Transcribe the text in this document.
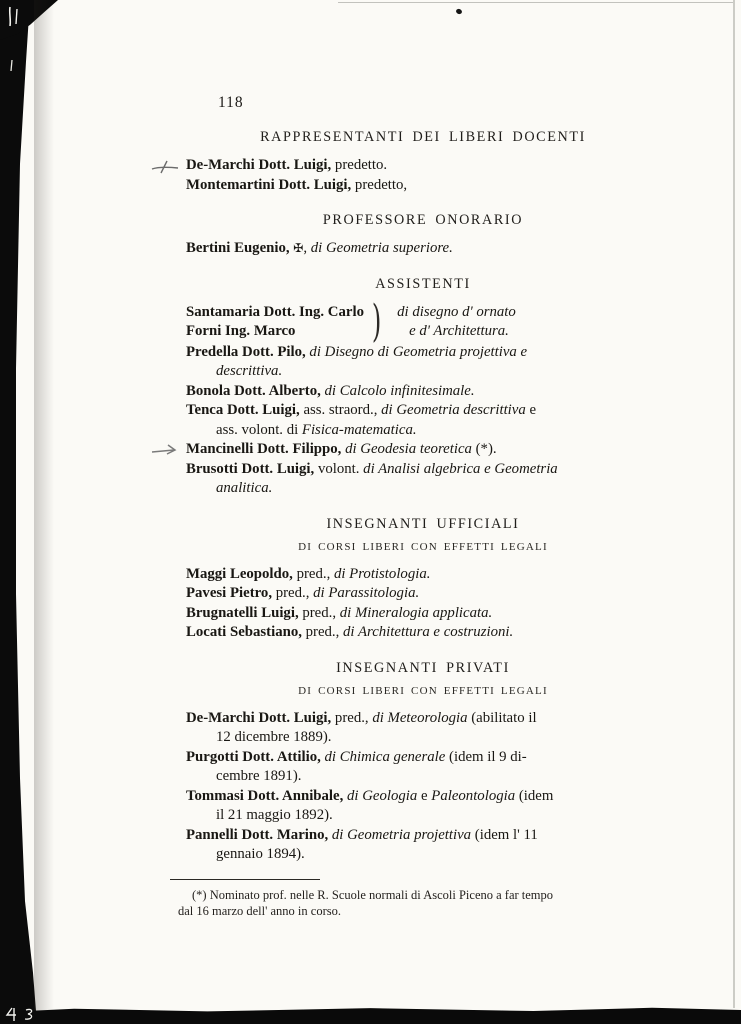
118
RAPPRESENTANTI DEI LIBERI DOCENTI
De-Marchi Dott. Luigi, predetto.
Montemartini Dott. Luigi, predetto,
PROFESSORE ONORARIO
Bertini Eugenio, ✠, di Geometria superiore.
ASSISTENTI
Santamaria Dott. Ing. Carlo
Forni Ing. Marco	) di disegno d' ornato
e d' Architettura.
Predella Dott. Pilo, di Disegno di Geometria projettiva e
descrittiva.
Bonola Dott. Alberto, di Calcolo infinitesimale.
Tenca Dott. Luigi, ass. straord., di Geometria descrittiva e
ass. volont. di Fisica-matematica.
Mancinelli Dott. Filippo, di Geodesia teoretica (*).
Brusotti Dott. Luigi, volont. di Analisi algebrica e Geometria
analitica.
INSEGNANTI UFFICIALI
DI CORSI LIBERI CON EFFETTI LEGALI
Maggi Leopoldo, pred., di Protistologia.
Pavesi Pietro, pred., di Parassitologia.
Brugnatelli Luigi, pred., di Mineralogia applicata.
Locati Sebastiano, pred., di Architettura e costruzioni.
INSEGNANTI PRIVATI
DI CORSI LIBERI CON EFFETTI LEGALI
De-Marchi Dott. Luigi, pred., di Meteorologia (abilitato il
12 dicembre 1889).
Purgotti Dott. Attilio, di Chimica generale (idem il 9 di-
cembre 1891).
Tommasi Dott. Annibale, di Geologia e Paleontologia (idem
il 21 maggio 1892).
Pannelli Dott. Marino, di Geometria projettiva (idem l' 11
gennaio 1894).
(*) Nominato prof. nelle R. Scuole normali di Ascoli Piceno a far tempo
dal 16 marzo dell' anno in corso.
